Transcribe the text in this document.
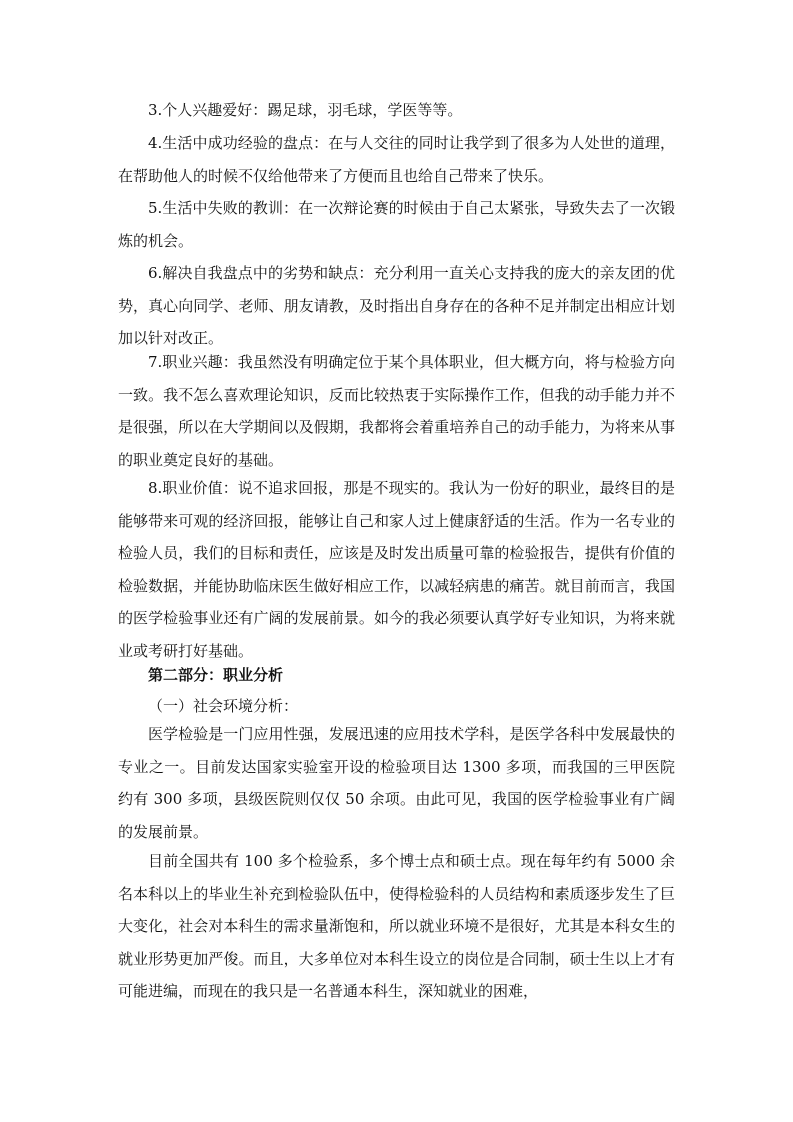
3.个人兴趣爱好：踢足球，羽毛球，学医等等。

4.生活中成功经验的盘点：在与人交往的同时让我学到了很多为人处世的道理，在帮助他人的时候不仅给他带来了方便而且也给自己带来了快乐。

5.生活中失败的教训：在一次辩论赛的时候由于自己太紧张，导致失去了一次锻炼的机会。

6.解决自我盘点中的劣势和缺点：充分利用一直关心支持我的庞大的亲友团的优势，真心向同学、老师、朋友请教，及时指出自身存在的各种不足并制定出相应计划加以针对改正。

7.职业兴趣：我虽然没有明确定位于某个具体职业，但大概方向，将与检验方向一致。我不怎么喜欢理论知识，反而比较热衷于实际操作工作，但我的动手能力并不是很强，所以在大学期间以及假期，我都将会着重培养自己的动手能力，为将来从事的职业奠定良好的基础。

8.职业价值：说不追求回报，那是不现实的。我认为一份好的职业，最终目的是能够带来可观的经济回报，能够让自己和家人过上健康舒适的生活。作为一名专业的检验人员，我们的目标和责任，应该是及时发出质量可靠的检验报告，提供有价值的检验数据，并能协助临床医生做好相应工作，以减轻病患的痛苦。就目前而言，我国的医学检验事业还有广阔的发展前景。如今的我必须要认真学好专业知识，为将来就业或考研打好基础。

第二部分：职业分析

（一）社会环境分析：

医学检验是一门应用性强，发展迅速的应用技术学科，是医学各科中发展最快的专业之一。目前发达国家实验室开设的检验项目达 1300 多项，而我国的三甲医院约有 300 多项，县级医院则仅仅 50 余项。由此可见，我国的医学检验事业有广阔的发展前景。

目前全国共有 100 多个检验系，多个博士点和硕士点。现在每年约有 5000 余名本科以上的毕业生补充到检验队伍中，使得检验科的人员结构和素质逐步发生了巨大变化，社会对本科生的需求量渐饱和，所以就业环境不是很好，尤其是本科女生的就业形势更加严俊。而且，大多单位对本科生设立的岗位是合同制，硕士生以上才有可能进编，而现在的我只是一名普通本科生，深知就业的困难，
